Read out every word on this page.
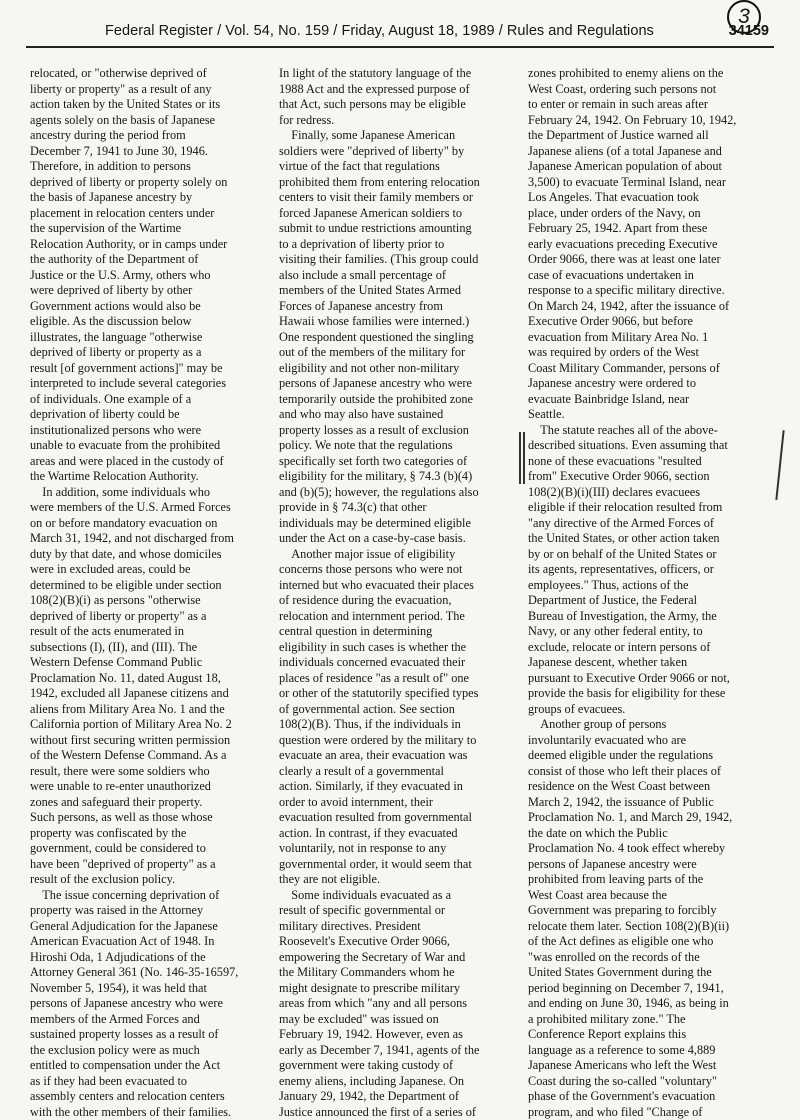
3
Federal Register / Vol. 54, No. 159 / Friday, August 18, 1989 / Rules and Regulations	34159

relocated, or "otherwise deprived of

liberty or property" as a result of any

action taken by the United States or its

agents solely on the basis of Japanese

ancestry during the period from

December 7, 1941 to June 30, 1946.

Therefore, in addition to persons

deprived of liberty or property solely on

the basis of Japanese ancestry by

placement in relocation centers under

the supervision of the Wartime

Relocation Authority, or in camps under

the authority of the Department of

Justice or the U.S. Army, others who

were deprived of liberty by other

Government actions would also be

eligible. As the discussion below

illustrates, the language "otherwise

deprived of liberty or property as a

result [of government actions]" may be

interpreted to include several categories

of individuals. One example of a

deprivation of liberty could be

institutionalized persons who were

unable to evacuate from the prohibited

areas and were placed in the custody of

the Wartime Relocation Authority.

 In addition, some individuals who

were members of the U.S. Armed Forces

on or before mandatory evacuation on

March 31, 1942, and not discharged from

duty by that date, and whose domiciles

were in excluded areas, could be

determined to be eligible under section

108(2)(B)(i) as persons "otherwise

deprived of liberty or property" as a

result of the acts enumerated in

subsections (I), (II), and (III). The

Western Defense Command Public

Proclamation No. 11, dated August 18,

1942, excluded all Japanese citizens and

aliens from Military Area No. 1 and the

California portion of Military Area No. 2

without first securing written permission

of the Western Defense Command. As a

result, there were some soldiers who

were unable to re-enter unauthorized

zones and safeguard their property.

Such persons, as well as those whose

property was confiscated by the

government, could be considered to

have been "deprived of property" as a

result of the exclusion policy.

 The issue concerning deprivation of

property was raised in the Attorney

General Adjudication for the Japanese

American Evacuation Act of 1948. In

Hiroshi Oda, 1 Adjudications of the

Attorney General 361 (No. 146-35-16597,

November 5, 1954), it was held that

persons of Japanese ancestry who were

members of the Armed Forces and

sustained property losses as a result of

the exclusion policy were as much

entitled to compensation under the Act

as if they had been evacuated to

assembly centers and relocation centers

with the other members of their families.

In light of the statutory language of the

1988 Act and the expressed purpose of

that Act, such persons may be eligible

for redress.

 Finally, some Japanese American

soldiers were "deprived of liberty" by

virtue of the fact that regulations

prohibited them from entering relocation

centers to visit their family members or

forced Japanese American soldiers to

submit to undue restrictions amounting

to a deprivation of liberty prior to

visiting their families. (This group could

also include a small percentage of

members of the United States Armed

Forces of Japanese ancestry from

Hawaii whose families were interned.)

One respondent questioned the singling

out of the members of the military for

eligibility and not other non-military

persons of Japanese ancestry who were

temporarily outside the prohibited zone

and who may also have sustained

property losses as a result of exclusion

policy. We note that the regulations

specifically set forth two categories of

eligibility for the military, § 74.3 (b)(4)

and (b)(5); however, the regulations also

provide in § 74.3(c) that other

individuals may be determined eligible

under the Act on a case-by-case basis.

 Another major issue of eligibility

concerns those persons who were not

interned but who evacuated their places

of residence during the evacuation,

relocation and internment period. The

central question in determining

eligibility in such cases is whether the

individuals concerned evacuated their

places of residence "as a result of" one

or other of the statutorily specified types

of governmental action. See section

108(2)(B). Thus, if the individuals in

question were ordered by the military to

evacuate an area, their evacuation was

clearly a result of a governmental

action. Similarly, if they evacuated in

order to avoid internment, their

evacuation resulted from governmental

action. In contrast, if they evacuated

voluntarily, not in response to any

governmental order, it would seem that

they are not eligible.

 Some individuals evacuated as a

result of specific governmental or

military directives. President

Roosevelt's Executive Order 9066,

empowering the Secretary of War and

the Military Commanders whom he

might designate to prescribe military

areas from which "any and all persons

may be excluded" was issued on

February 19, 1942. However, even as

early as December 7, 1941, agents of the

government were taking custody of

enemy aliens, including Japanese. On

January 29, 1942, the Department of

Justice announced the first of a series of

zones prohibited to enemy aliens on the

West Coast, ordering such persons not

to enter or remain in such areas after

February 24, 1942. On February 10, 1942,

the Department of Justice warned all

Japanese aliens (of a total Japanese and

Japanese American population of about

3,500) to evacuate Terminal Island, near

Los Angeles. That evacuation took

place, under orders of the Navy, on

February 25, 1942. Apart from these

early evacuations preceding Executive

Order 9066, there was at least one later

case of evacuations undertaken in

response to a specific military directive.

On March 24, 1942, after the issuance of

Executive Order 9066, but before

evacuation from Military Area No. 1

was required by orders of the West

Coast Military Commander, persons of

Japanese ancestry were ordered to

evacuate Bainbridge Island, near

Seattle.

 The statute reaches all of the above-

described situations. Even assuming that

none of these evacuations "resulted

from" Executive Order 9066, section

108(2)(B)(i)(III) declares evacuees

eligible if their relocation resulted from

"any directive of the Armed Forces of

the United States, or other action taken

by or on behalf of the United States or

its agents, representatives, officers, or

employees." Thus, actions of the

Department of Justice, the Federal

Bureau of Investigation, the Army, the

Navy, or any other federal entity, to

exclude, relocate or intern persons of

Japanese descent, whether taken

pursuant to Executive Order 9066 or not,

provide the basis for eligibility for these

groups of evacuees.

 Another group of persons

involuntarily evacuated who are

deemed eligible under the regulations

consist of those who left their places of

residence on the West Coast between

March 2, 1942, the issuance of Public

Proclamation No. 1, and March 29, 1942,

the date on which the Public

Proclamation No. 4 took effect whereby

persons of Japanese ancestry were

prohibited from leaving parts of the

West Coast area because the

Government was preparing to forcibly

relocate them later. Section 108(2)(B)(ii)

of the Act defines as eligible one who

"was enrolled on the records of the

United States Government during the

period beginning on December 7, 1941,

and ending on June 30, 1946, as being in

a prohibited military zone." The

Conference Report explains this

language as a reference to some 4,889

Japanese Americans who left the West

Coast during the so-called "voluntary"

phase of the Government's evacuation

program, and who filed "Change of
